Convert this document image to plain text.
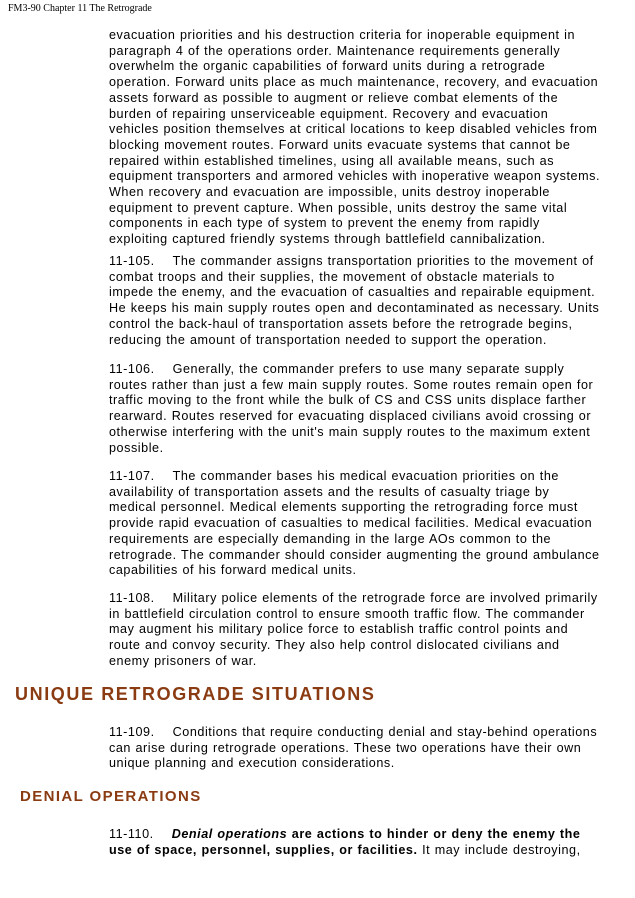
FM3-90 Chapter 11 The Retrograde

evacuation priorities and his destruction criteria for inoperable equipment in paragraph 4 of the operations order. Maintenance requirements generally overwhelm the organic capabilities of forward units during a retrograde operation. Forward units place as much maintenance, recovery, and evacuation assets forward as possible to augment or relieve combat elements of the burden of repairing unserviceable equipment. Recovery and evacuation vehicles position themselves at critical locations to keep disabled vehicles from blocking movement routes. Forward units evacuate systems that cannot be repaired within established timelines, using all available means, such as equipment transporters and armored vehicles with inoperative weapon systems. When recovery and evacuation are impossible, units destroy inoperable equipment to prevent capture. When possible, units destroy the same vital components in each type of system to prevent the enemy from rapidly exploiting captured friendly systems through battlefield cannibalization.

11-105. The commander assigns transportation priorities to the movement of combat troops and their supplies, the movement of obstacle materials to impede the enemy, and the evacuation of casualties and repairable equipment. He keeps his main supply routes open and decontaminated as necessary. Units control the back-haul of transportation assets before the retrograde begins, reducing the amount of transportation needed to support the operation.

11-106. Generally, the commander prefers to use many separate supply routes rather than just a few main supply routes. Some routes remain open for traffic moving to the front while the bulk of CS and CSS units displace farther rearward. Routes reserved for evacuating displaced civilians avoid crossing or otherwise interfering with the unit's main supply routes to the maximum extent possible.

11-107. The commander bases his medical evacuation priorities on the availability of transportation assets and the results of casualty triage by medical personnel. Medical elements supporting the retrograding force must provide rapid evacuation of casualties to medical facilities. Medical evacuation requirements are especially demanding in the large AOs common to the retrograde. The commander should consider augmenting the ground ambulance capabilities of his forward medical units.

11-108. Military police elements of the retrograde force are involved primarily in battlefield circulation control to ensure smooth traffic flow. The commander may augment his military police force to establish traffic control points and route and convoy security. They also help control dislocated civilians and enemy prisoners of war.

UNIQUE RETROGRADE SITUATIONS

11-109. Conditions that require conducting denial and stay-behind operations can arise during retrograde operations. These two operations have their own unique planning and execution considerations.

DENIAL OPERATIONS

11-110. Denial operations are actions to hinder or deny the enemy the use of space, personnel, supplies, or facilities. It may include destroying,
